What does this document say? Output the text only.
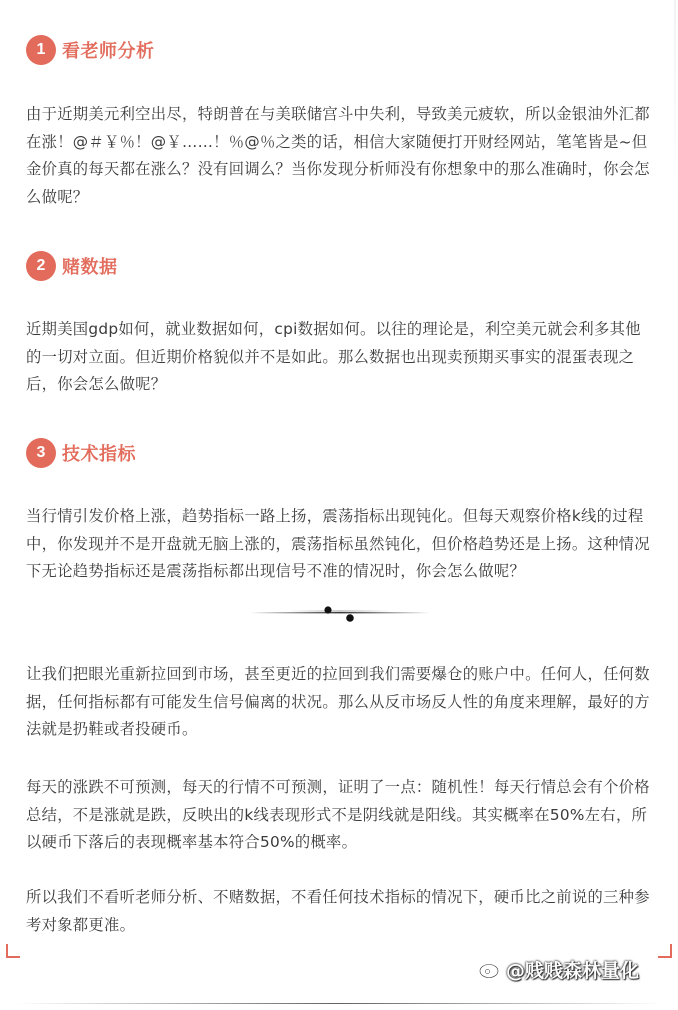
1 看老师分析

由于近期美元利空出尽，特朗普在与美联储宫斗中失利，导致美元疲软，所以金银油外汇都在涨！@＃￥％！@￥……！％@％之类的话，相信大家随便打开财经网站，笔笔皆是~但金价真的每天都在涨么？没有回调么？当你发现分析师没有你想象中的那么准确时，你会怎么做呢？

2 赌数据

近期美国gdp如何，就业数据如何，cpi数据如何。以往的理论是，利空美元就会利多其他的一切对立面。但近期价格貌似并不是如此。那么数据也出现卖预期买事实的混蛋表现之后，你会怎么做呢？

3 技术指标

当行情引发价格上涨，趋势指标一路上扬，震荡指标出现钝化。但每天观察价格k线的过程中，你发现并不是开盘就无脑上涨的，震荡指标虽然钝化，但价格趋势还是上扬。这种情况下无论趋势指标还是震荡指标都出现信号不准的情况时，你会怎么做呢？

让我们把眼光重新拉回到市场，甚至更近的拉回到我们需要爆仓的账户中。任何人，任何数据，任何指标都有可能发生信号偏离的状况。那么从反市场反人性的角度来理解，最好的方法就是扔鞋或者投硬币。

每天的涨跌不可预测，每天的行情不可预测，证明了一点：随机性！每天行情总会有个价格总结，不是涨就是跌，反映出的k线表现形式不是阴线就是阳线。其实概率在50%左右，所以硬币下落后的表现概率基本符合50%的概率。

所以我们不看听老师分析、不赌数据，不看任何技术指标的情况下，硬币比之前说的三种参考对象都更准。

@贱贱森林量化
